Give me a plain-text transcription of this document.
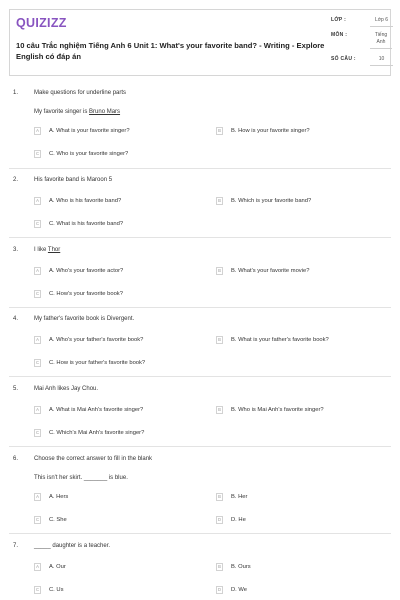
QUIZIZZ
10 câu Trắc nghiệm Tiếng Anh 6 Unit 1: What's your favorite band? - Writing - Explore English có đáp án
LỚP :	Lớp 6
MÔN :	Tiếng Anh
SỐ CÂU :	10
1.	Make questions for underline parts
My favorite singer is Bruno Mars
A	A. What is your favorite singer?	B	B. How is your favorite singer?
C	C. Who is your favorite singer?
2.	His favorite band is Maroon 5
A	A. Who is his favorite band?	B	B. Which is your favorite band?
C	C. What is his favorite band?
3.	I like Thor
A	A. Who's your favorite actor?	B	B. What's your favorite movie?
C	C. How's your favorite book?
4.	My father's favorite book is Divergent.
A	A. Who's your father's favorite book?	B	B. What is your father's favorite book?
C	C. How is your father's favorite book?
5.	Mai Anh likes Jay Chou.
A	A. What is Mai Anh's favorite singer?	B	B. Who is Mai Anh's favorite singer?
C	C. Which's Mai Anh's favorite singer?
6.	Choose the correct answer to fill in the blank
This isn't her skirt. _______ is blue.
A	A. Hers	B	B. Her
C	C. She	D	D. He
7.	_____ daughter is a teacher.
A	A. Our	B	B. Ours
C	C. Us	D	D. We
